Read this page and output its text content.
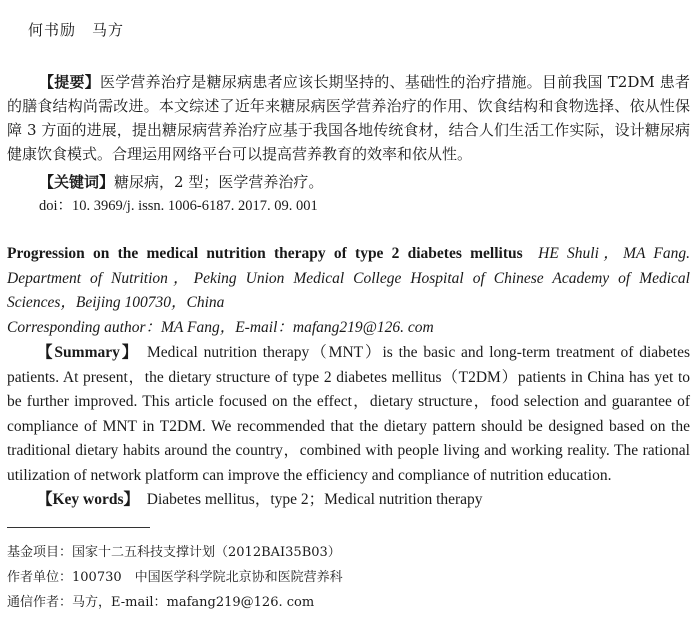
何书励　马方
【提要】医学营养治疗是糖尿病患者应该长期坚持的、基础性的治疗措施。目前我国 T2DM 患者的膳食结构尚需改进。本文综述了近年来糖尿病医学营养治疗的作用、饮食结构和食物选择、依从性保障 3 方面的进展，提出糖尿病营养治疗应基于我国各地传统食材，结合人们生活工作实际，设计糖尿病健康饮食模式。合理运用网络平台可以提高营养教育的效率和依从性。
【关键词】糖尿病，2 型；医学营养治疗。
doi：10. 3969/j. issn. 1006-6187. 2017. 09. 001
Progression on the medical nutrition therapy of type 2 diabetes mellitus  HE Shuli，MA Fang. Department of Nutrition，Peking Union Medical College Hospital of Chinese Academy of Medical Sciences，Beijing 100730，China
Corresponding author：MA Fang，E-mail：mafang219@126. com
【Summary】  Medical nutrition therapy（MNT）is the basic and long-term treatment of diabetes patients. At present，the dietary structure of type 2 diabetes mellitus（T2DM）patients in China has yet to be further improved. This article focused on the effect，dietary structure，food selection and guarantee of compliance of MNT in T2DM. We recommended that the dietary pattern should be designed based on the traditional dietary habits around the country，combined with people living and working reality. The rational utilization of network platform can improve the efficiency and compliance of nutrition education.
【Key words】  Diabetes mellitus，type 2；Medical nutrition therapy
基金项目：国家十二五科技支撑计划（2012BAI35B03）
作者单位：100730　中国医学科学院北京协和医院营养科
通信作者：马方，E-mail：mafang219@126. com
